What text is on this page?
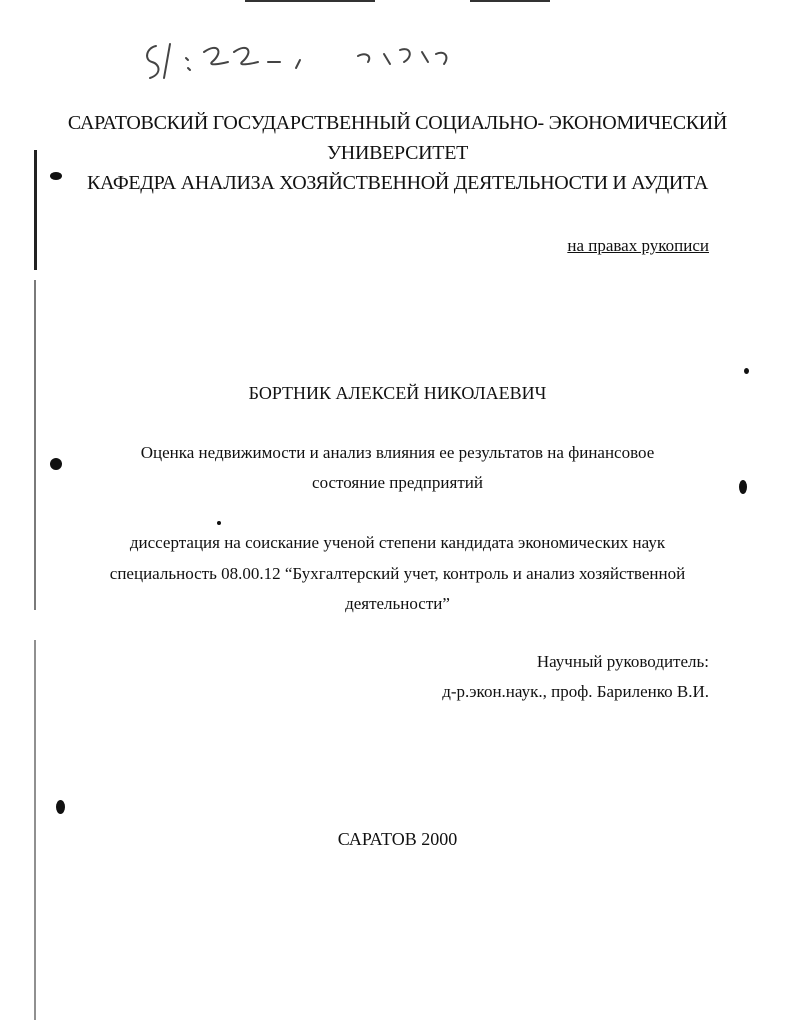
САРАТОВСКИЙ ГОСУДАРСТВЕННЫЙ СОЦИАЛЬНО- ЭКОНОМИЧЕСКИЙ
УНИВЕРСИТЕТ
КАФЕДРА АНАЛИЗА ХОЗЯЙСТВЕННОЙ ДЕЯТЕЛЬНОСТИ И АУДИТА
на правах рукописи
БОРТНИК АЛЕКСЕЙ НИКОЛАЕВИЧ
Оценка недвижимости и анализ влияния ее результатов на финансовое
состояние предприятий
диссертация на соискание ученой степени кандидата экономических наук
специальность 08.00.12 “Бухгалтерский учет, контроль и анализ хозяйственной
деятельности”
Научный руководитель:
д-р.экон.наук., проф. Бариленко В.И.
САРАТОВ 2000
